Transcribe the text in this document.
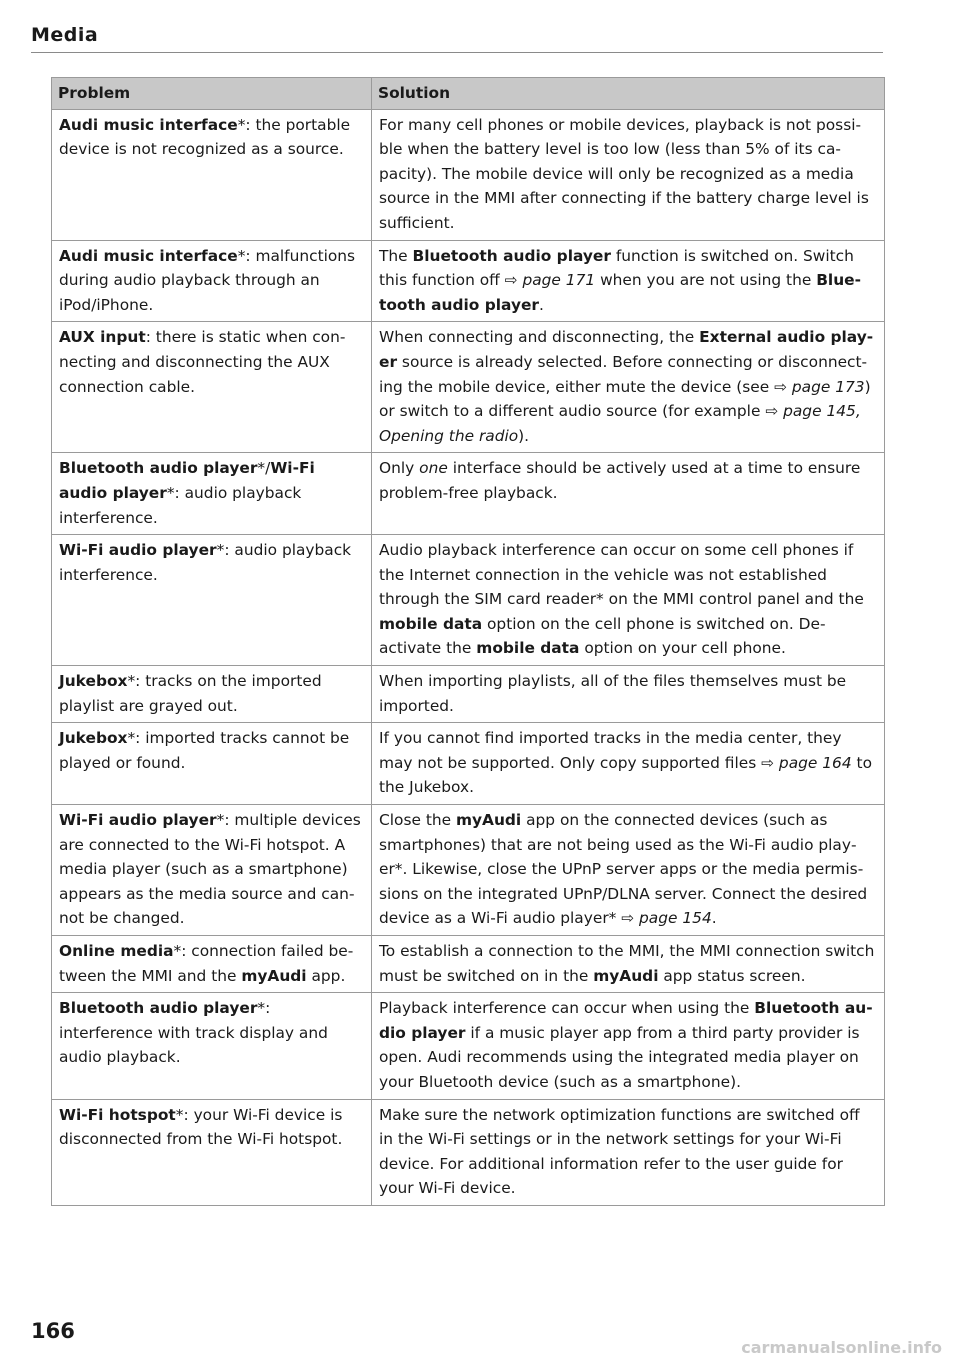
Media
Problem	Solution
Audi music interface*: the portable device is not recognized as a source.	For many cell phones or mobile devices, playback is not possible when the battery level is too low (less than 5% of its capacity). The mobile device will only be recognized as a media source in the MMI after connecting if the battery charge level is sufficient.
Audi music interface*: malfunctions during audio playback through an iPod/iPhone.	The Bluetooth audio player function is switched on. Switch this function off ⇨ page 171 when you are not using the Bluetooth audio player.
AUX input: there is static when connecting and disconnecting the AUX connection cable.	When connecting and disconnecting, the External audio player source is already selected. Before connecting or disconnecting the mobile device, either mute the device (see ⇨ page 173) or switch to a different audio source (for example ⇨ page 145, Opening the radio).
Bluetooth audio player*/Wi-Fi audio player*: audio playback interference.	Only one interface should be actively used at a time to ensure problem-free playback.
Wi-Fi audio player*: audio playback interference.	Audio playback interference can occur on some cell phones if the Internet connection in the vehicle was not established through the SIM card reader* on the MMI control panel and the mobile data option on the cell phone is switched on. Deactivate the mobile data option on your cell phone.
Jukebox*: tracks on the imported playlist are grayed out.	When importing playlists, all of the files themselves must be imported.
Jukebox*: imported tracks cannot be played or found.	If you cannot find imported tracks in the media center, they may not be supported. Only copy supported files ⇨ page 164 to the Jukebox.
Wi-Fi audio player*: multiple devices are connected to the Wi-Fi hotspot. A media player (such as a smartphone) appears as the media source and cannot be changed.	Close the myAudi app on the connected devices (such as smartphones) that are not being used as the Wi-Fi audio player*. Likewise, close the UPnP server apps or the media permissions on the integrated UPnP/DLNA server. Connect the desired device as a Wi-Fi audio player* ⇨ page 154.
Online media*: connection failed between the MMI and the myAudi app.	To establish a connection to the MMI, the MMI connection switch must be switched on in the myAudi app status screen.
Bluetooth audio player*: interference with track display and audio playback.	Playback interference can occur when using the Bluetooth audio player if a music player app from a third party provider is open. Audi recommends using the integrated media player on your Bluetooth device (such as a smartphone).
Wi-Fi hotspot*: your Wi-Fi device is disconnected from the Wi-Fi hotspot.	Make sure the network optimization functions are switched off in the Wi-Fi settings or in the network settings for your Wi-Fi device. For additional information refer to the user guide for your Wi-Fi device.
166
carmanualsonline.info
